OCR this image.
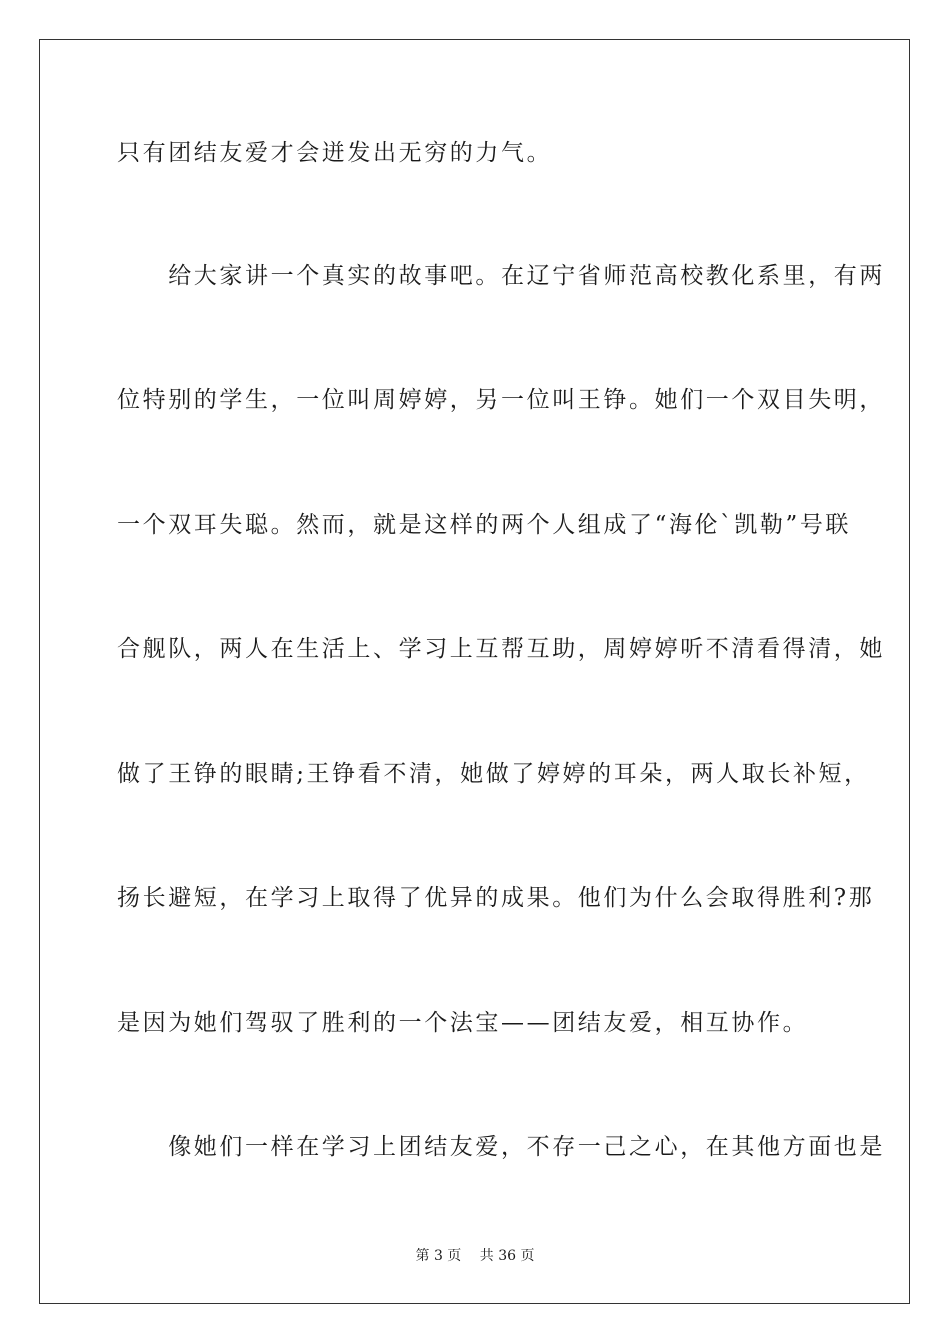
只有团结友爱才会迸发出无穷的力气。
　　给大家讲一个真实的故事吧。在辽宁省师范高校教化系里，有两
位特别的学生，一位叫周婷婷，另一位叫王铮。她们一个双目失明，
一个双耳失聪。然而，就是这样的两个人组成了“海伦`凯勒”号联
合舰队，两人在生活上、学习上互帮互助，周婷婷听不清看得清，她
做了王铮的眼睛;王铮看不清，她做了婷婷的耳朵，两人取长补短，
扬长避短，在学习上取得了优异的成果。他们为什么会取得胜利?那
是因为她们驾驭了胜利的一个法宝——团结友爱，相互协作。
　　像她们一样在学习上团结友爱，不存一己之心，在其他方面也是
第 3 页　 共 36 页
